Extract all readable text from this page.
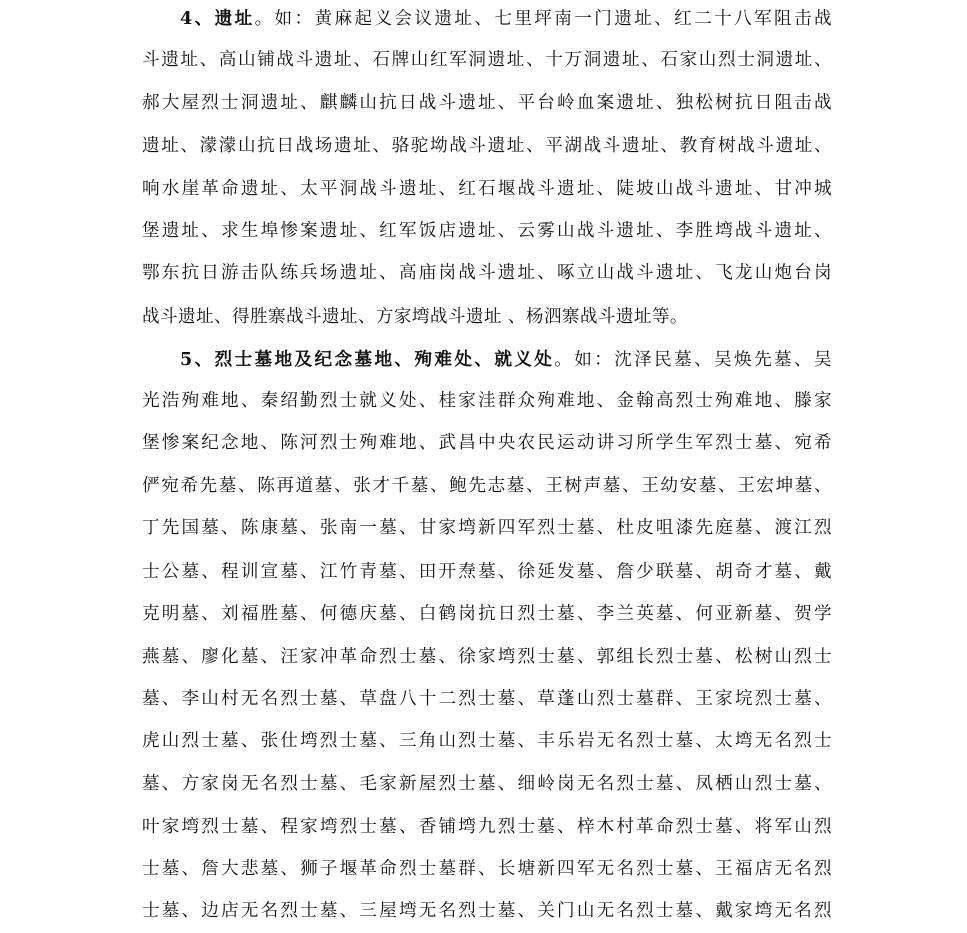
4、遗址。如：黄麻起义会议遗址、七里坪南一门遗址、红二十八军阻击战
斗遗址、高山铺战斗遗址、石牌山红军洞遗址、十万洞遗址、石家山烈士洞遗址、
郝大屋烈士洞遗址、麒麟山抗日战斗遗址、平台岭血案遗址、独松树抗日阻击战
遗址、濛濛山抗日战场遗址、骆驼坳战斗遗址、平湖战斗遗址、教育树战斗遗址、
响水崖革命遗址、太平洞战斗遗址、红石堰战斗遗址、陡坡山战斗遗址、甘冲城
堡遗址、求生埠惨案遗址、红军饭店遗址、云雾山战斗遗址、李胜塆战斗遗址、
鄂东抗日游击队练兵场遗址、高庙岗战斗遗址、啄立山战斗遗址、飞龙山炮台岗
战斗遗址、得胜寨战斗遗址、方家塆战斗遗址 、杨泗寨战斗遗址等。
5、烈士墓地及纪念墓地、殉难处、就义处。如：沈泽民墓、吴焕先墓、吴
光浩殉难地、秦绍勤烈士就义处、桂家洼群众殉难地、金翰高烈士殉难地、滕家
堡惨案纪念地、陈河烈士殉难地、武昌中央农民运动讲习所学生军烈士墓、宛希
俨宛希先墓、陈再道墓、张才千墓、鲍先志墓、王树声墓、王幼安墓、王宏坤墓、
丁先国墓、陈康墓、张南一墓、甘家塆新四军烈士墓、杜皮咀漆先庭墓、渡江烈
士公墓、程训宣墓、江竹青墓、田开焘墓、徐延发墓、詹少联墓、胡奇才墓、戴
克明墓、刘福胜墓、何德庆墓、白鹤岗抗日烈士墓、李兰英墓、何亚新墓、贺学
燕墓、廖化墓、汪家冲革命烈士墓、徐家塆烈士墓、郭组长烈士墓、松树山烈士
墓、李山村无名烈士墓、草盘八十二烈士墓、草蓬山烈士墓群、王家垸烈士墓、
虎山烈士墓、张仕塆烈士墓、三角山烈士墓、丰乐岩无名烈士墓、太塆无名烈士
墓、方家岗无名烈士墓、毛家新屋烈士墓、细岭岗无名烈士墓、凤栖山烈士墓、
叶家塆烈士墓、程家塆烈士墓、香铺塆九烈士墓、梓木村革命烈士墓、将军山烈
士墓、詹大悲墓、狮子堰革命烈士墓群、长塘新四军无名烈士墓、王福店无名烈
士墓、边店无名烈士墓、三屋塆无名烈士墓、关门山无名烈士墓、戴家塆无名烈
